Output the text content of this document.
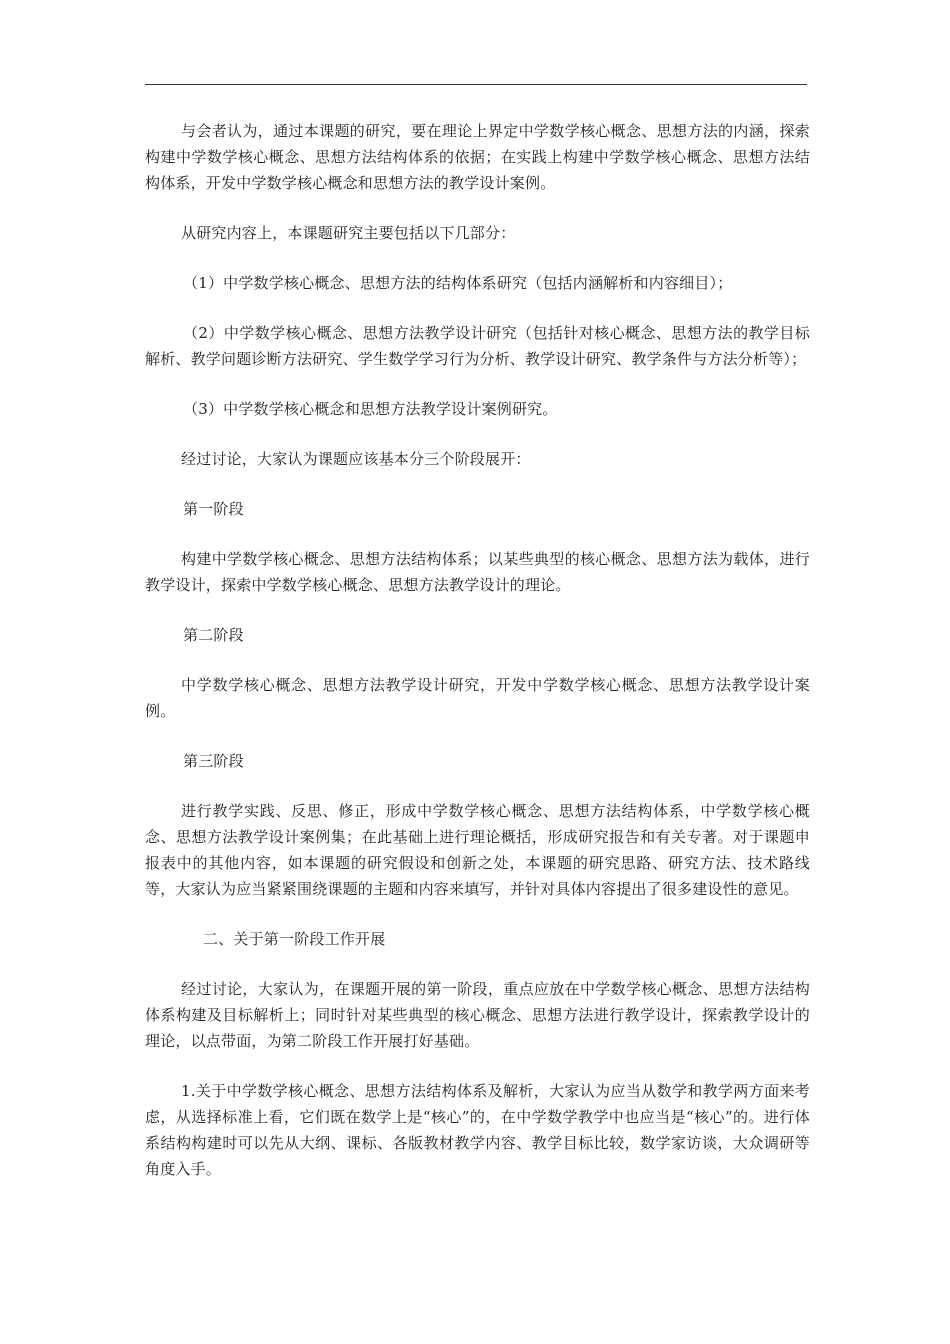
与会者认为，通过本课题的研究，要在理论上界定中学数学核心概念、思想方法的内涵，探索构建中学数学核心概念、思想方法结构体系的依据；在实践上构建中学数学核心概念、思想方法结构体系，开发中学数学核心概念和思想方法的教学设计案例。

从研究内容上，本课题研究主要包括以下几部分：

（1）中学数学核心概念、思想方法的结构体系研究（包括内涵解析和内容细目）；

（2）中学数学核心概念、思想方法教学设计研究（包括针对核心概念、思想方法的教学目标解析、教学问题诊断方法研究、学生数学学习行为分析、教学设计研究、教学条件与方法分析等）；

（3）中学数学核心概念和思想方法教学设计案例研究。

经过讨论，大家认为课题应该基本分三个阶段展开：

第一阶段

构建中学数学核心概念、思想方法结构体系；以某些典型的核心概念、思想方法为载体，进行教学设计，探索中学数学核心概念、思想方法教学设计的理论。

第二阶段

中学数学核心概念、思想方法教学设计研究，开发中学数学核心概念、思想方法教学设计案例。

第三阶段

进行教学实践、反思、修正，形成中学数学核心概念、思想方法结构体系，中学数学核心概念、思想方法教学设计案例集；在此基础上进行理论概括，形成研究报告和有关专著。对于课题申报表中的其他内容，如本课题的研究假设和创新之处，本课题的研究思路、研究方法、技术路线等，大家认为应当紧紧围绕课题的主题和内容来填写，并针对具体内容提出了很多建设性的意见。

二、关于第一阶段工作开展

经过讨论，大家认为，在课题开展的第一阶段，重点应放在中学数学核心概念、思想方法结构体系构建及目标解析上；同时针对某些典型的核心概念、思想方法进行教学设计，探索教学设计的理论，以点带面，为第二阶段工作开展打好基础。

1.关于中学数学核心概念、思想方法结构体系及解析，大家认为应当从数学和教学两方面来考虑，从选择标准上看，它们既在数学上是“核心”的，在中学数学教学中也应当是“核心”的。进行体系结构构建时可以先从大纲、课标、各版教材教学内容、教学目标比较，数学家访谈，大众调研等角度入手。
